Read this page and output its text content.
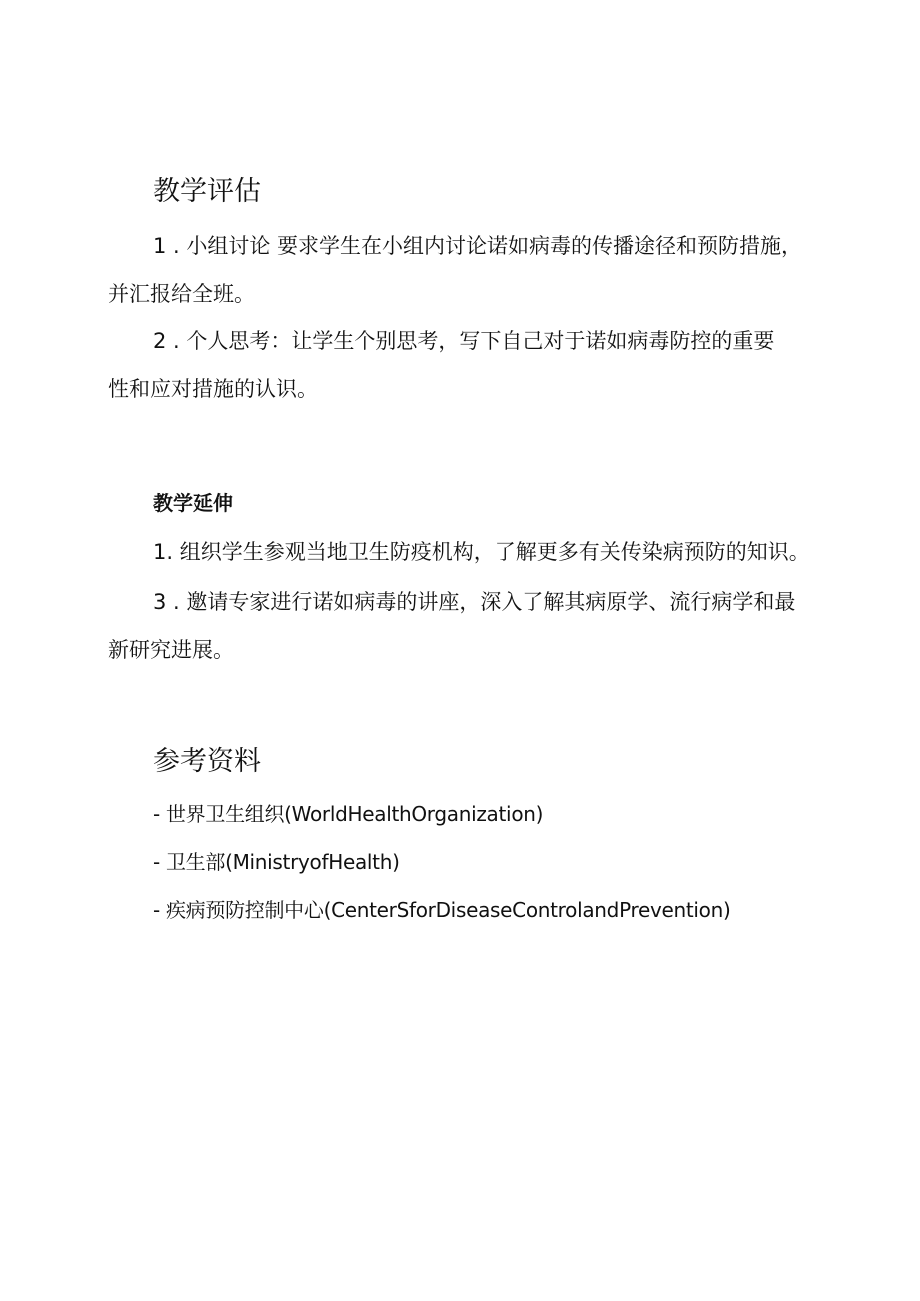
教学评估

1 . 小组讨论 要求学生在小组内讨论诺如病毒的传播途径和预防措施，

并汇报给全班。

2 . 个人思考：让学生个别思考，写下自己对于诺如病毒防控的重要

性和应对措施的认识。

教学延伸

1. 组织学生参观当地卫生防疫机构，了解更多有关传染病预防的知识。

3 . 邀请专家进行诺如病毒的讲座，深入了解其病原学、流行病学和最

新研究进展。

参考资料

- 世界卫生组织(WorldHealthOrganization)

- 卫生部(MinistryofHealth)

- 疾病预防控制中心(CenterSforDiseaseControlandPrevention)
